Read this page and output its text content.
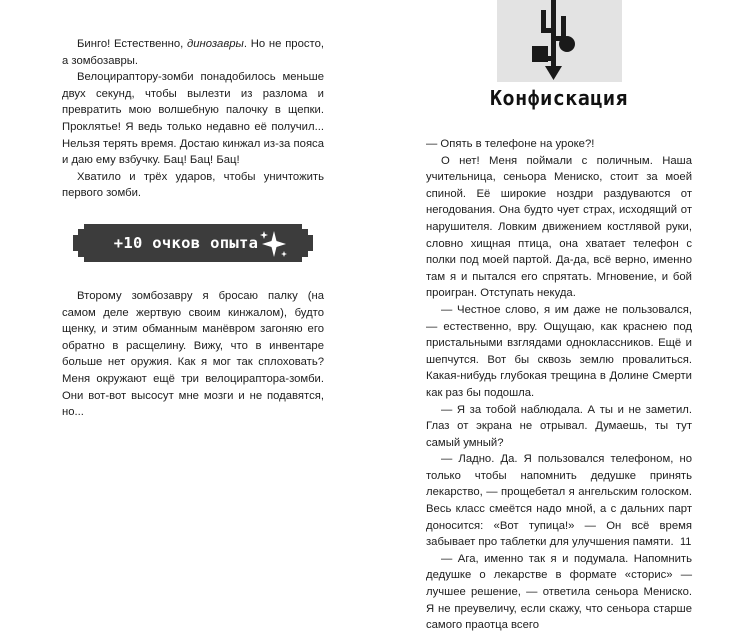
Бинго! Естественно, динозавры. Но не просто, а зомбозавры.

Велоцираптору-зомби понадобилось меньше двух секунд, чтобы вылезти из разлома и превратить мою волшебную палочку в щепки. Проклятье! Я ведь только недавно её получил... Нельзя терять время. Достаю кинжал из-за пояса и даю ему взбучку. Бац! Бац! Бац!

Хватило и трёх ударов, чтобы уничтожить первого зомби.

+10 очков опыта

Второму зомбозавру я бросаю палку (на самом деле жертвую своим кинжалом), будто щенку, и этим обманным манёвром загоняю его обратно в расщелину. Вижу, что в инвентаре больше нет оружия. Как я мог так сплоховать? Меня окружают ещё три велоцираптора-зомби. Они вот-вот высосут мне мозги и не подавятся, но...

Конфискация

— Опять в телефоне на уроке?!

О нет! Меня поймали с поличным. Наша учительница, сеньора Мениско, стоит за моей спиной. Её широкие ноздри раздуваются от негодования. Она будто чует страх, исходящий от нарушителя. Ловким движением костлявой руки, словно хищная птица, она хватает телефон с полки под моей партой. Да-да, всё верно, именно там я и пытался его спрятать. Мгновение, и бой проигран. Отступать некуда.

— Честное слово, я им даже не пользовался, — естественно, вру. Ощущаю, как краснею под пристальными взглядами одноклассников. Ещё и шепчутся. Вот бы сквозь землю провалиться. Какая-нибудь глубокая трещина в Долине Смерти как раз бы подошла.

— Я за тобой наблюдала. А ты и не заметил. Глаз от экрана не отрывал. Думаешь, ты тут самый умный?

— Ладно. Да. Я пользовался телефоном, но только чтобы напомнить дедушке принять лекарство, — прощебетал я ангельским голоском. Весь класс смеётся надо мной, а с дальних парт доносится: «Вот тупица!» — Он всё время забывает про таблетки для улучшения памяти.

— Ага, именно так я и подумала. Напомнить дедушке о лекарстве в формате «сторис» — лучшее решение, — ответила сеньора Мениско. Я не преувеличу, если скажу, что сеньора старше самого праотца всего

11
